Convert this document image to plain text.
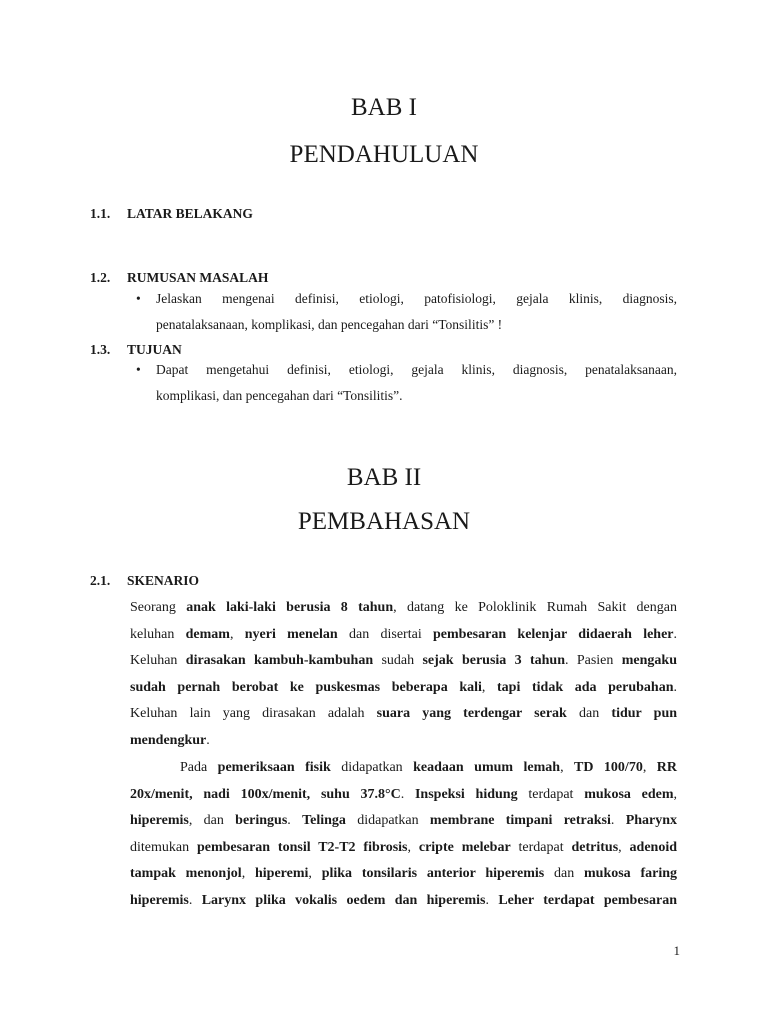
BAB I
PENDAHULUAN
1.1. LATAR BELAKANG
1.2. RUMUSAN MASALAH
•	Jelaskan mengenai definisi, etiologi, patofisiologi, gejala klinis, diagnosis,
penatalaksanaan, komplikasi, dan pencegahan dari “Tonsilitis” !
1.3. TUJUAN
•	Dapat mengetahui definisi, etiologi, gejala klinis, diagnosis, penatalaksanaan,
komplikasi, dan pencegahan dari “Tonsilitis”.
BAB II
PEMBAHASAN
2.1. SKENARIO
Seorang anak laki-laki berusia 8 tahun, datang ke Poloklinik Rumah Sakit dengan
keluhan demam, nyeri menelan dan disertai pembesaran kelenjar didaerah leher.
Keluhan dirasakan kambuh-kambuhan sudah sejak berusia 3 tahun. Pasien mengaku
sudah pernah berobat ke puskesmas beberapa kali, tapi tidak ada perubahan.
Keluhan lain yang dirasakan adalah suara yang terdengar serak dan tidur pun
mendengkur.
Pada pemeriksaan fisik didapatkan keadaan umum lemah, TD 100/70, RR
20x/menit, nadi 100x/menit, suhu 37.8°C. Inspeksi hidung terdapat mukosa edem,
hiperemis, dan beringus. Telinga didapatkan membrane timpani retraksi. Pharynx
ditemukan pembesaran tonsil T2-T2 fibrosis, cripte melebar terdapat detritus, adenoid
tampak menonjol, hiperemi, plika tonsilaris anterior hiperemis dan mukosa faring
hiperemis. Larynx plika vokalis oedem dan hiperemis. Leher terdapat pembesaran
1
